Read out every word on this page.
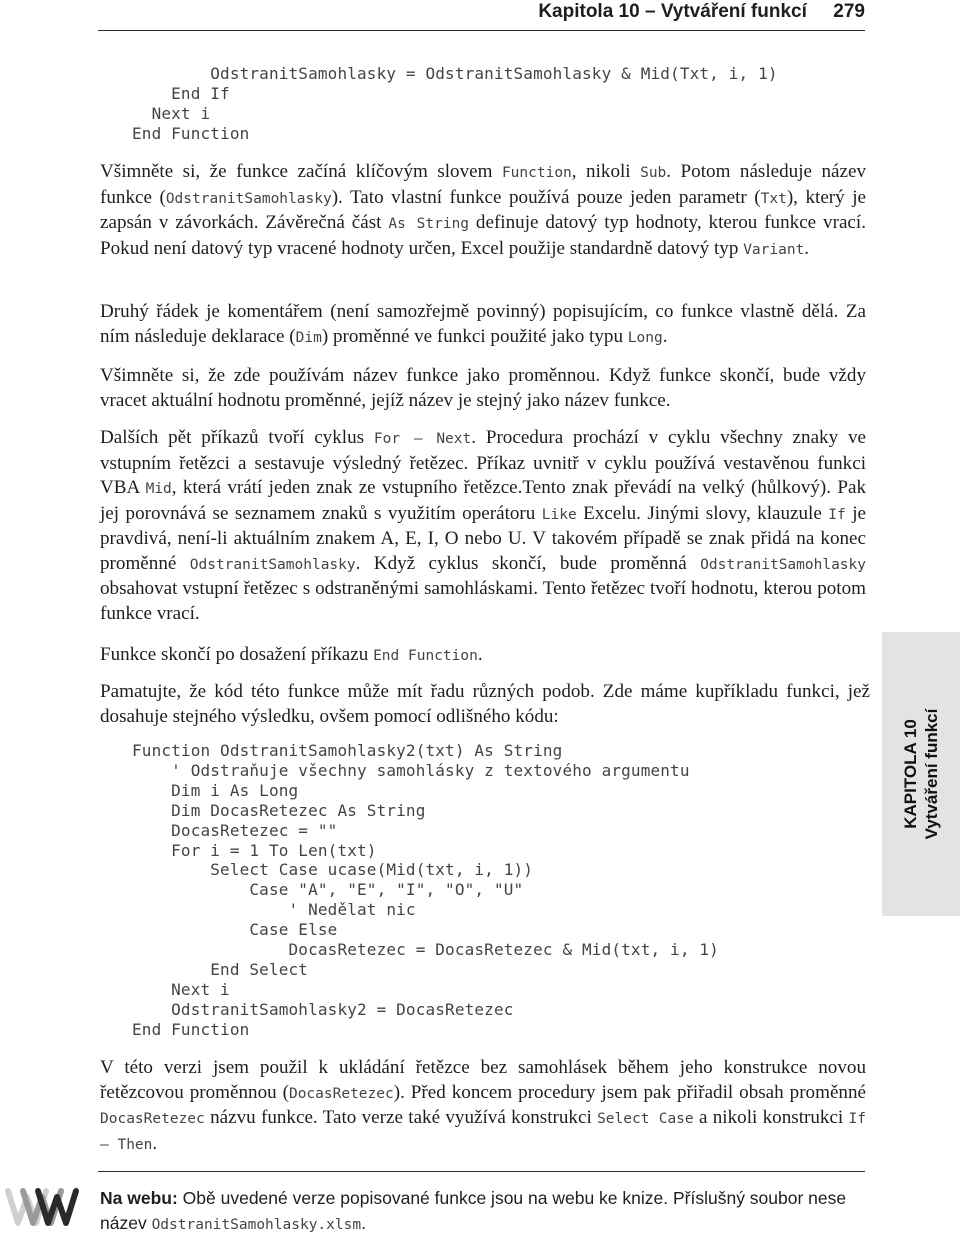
Kapitola 10 – Vytváření funkcí 279
OdstranitSamohlasky = OdstranitSamohlasky & Mid(Txt, i, 1)
End If
Next i
End Function

Všimněte si, že funkce začíná klíčovým slovem Function, nikoli Sub. Potom následuje název funkce (OdstranitSamohlasky). Tato vlastní funkce používá pouze jeden parametr (Txt), který je zapsán v závorkách. Závěrečná část As String definuje datový typ hodnoty, kterou funkce vrací. Pokud není datový typ vracené hodnoty určen, Excel použije standardně datový typ Variant.

Druhý řádek je komentářem (není samozřejmě povinný) popisujícím, co funkce vlastně dělá. Za ním následuje deklarace (Dim) proměnné ve funkci použité jako typu Long.

Všimněte si, že zde používám název funkce jako proměnnou. Když funkce skončí, bude vždy vracet aktuální hodnotu proměnné, jejíž název je stejný jako název funkce.

Dalších pět příkazů tvoří cyklus For – Next. Procedura prochází v cyklu všechny znaky ve vstupním řetězci a sestavuje výsledný řetězec. Příkaz uvnitř v cyklu používá vestavěnou funkci VBA Mid, která vrátí jeden znak ze vstupního řetězce.Tento znak převádí na velký (hůlkový). Pak jej porovnává se seznamem znaků s využitím operátoru Like Excelu. Jinými slovy, klauzule If je pravdivá, není-li aktuálním znakem A, E, I, O nebo U. V takovém případě se znak přidá na konec proměnné OdstranitSamohlasky. Když cyklus skončí, bude proměnná OdstranitSamohlasky obsahovat vstupní řetězec s odstraněnými samohláskami. Tento řetězec tvoří hodnotu, kterou potom funkce vrací.

Funkce skončí po dosažení příkazu End Function.

Pamatujte, že kód této funkce může mít řadu různých podob. Zde máme kupříkladu funkci, jež dosahuje stejného výsledku, ovšem pomocí odlišného kódu:

Function OdstranitSamohlasky2(txt) As String
' Odstraňuje všechny samohlásky z textového argumentu
Dim i As Long
Dim DocasRetezec As String
DocasRetezec = ""
For i = 1 To Len(txt)
Select Case ucase(Mid(txt, i, 1))
Case "A", "E", "I", "O", "U"
' Nedělat nic
Case Else
DocasRetezec = DocasRetezec & Mid(txt, i, 1)
End Select
Next i
OdstranitSamohlasky2 = DocasRetezec
End Function

V této verzi jsem použil k ukládání řetězce bez samohlásek během jeho konstrukce novou řetězcovou proměnnou (DocasRetezec). Před koncem procedury jsem pak přiřadil obsah proměnné DocasRetezec názvu funkce. Tato verze také využívá konstrukci Select Case a nikoli konstrukci If – Then.

KAPITOLA 10 Vytváření funkcí

Na webu: Obě uvedené verze popisované funkce jsou na webu ke knize. Příslušný soubor nese název OdstranitSamohlasky.xlsm.
